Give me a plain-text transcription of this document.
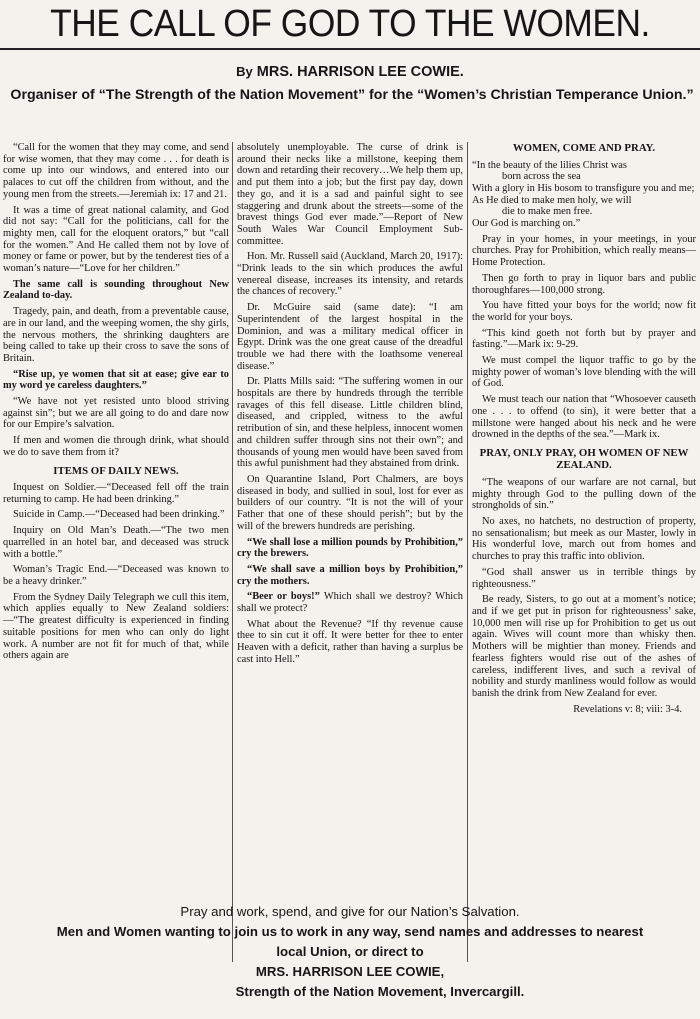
THE CALL OF GOD TO THE WOMEN.
By MRS. HARRISON LEE COWIE.
Organiser of “The Strength of the Nation Movement” for the “Women’s Christian Temperance Union.”

“Call for the women that they may come, and send for wise women, that they may come . . . for death is come up into our windows, and entered into our palaces to cut off the children from without, and the young men from the streets.—Jeremiah ix: 17 and 21.

It was a time of great national calamity, and God did not say: “Call for the politicians, call for the mighty men, call for the eloquent orators,” but “call for the women.” And He called them not by love of money or fame or power, but by the tenderest ties of a woman’s nature—“Love for her children.”

The same call is sounding throughout New Zealand to-day.

Tragedy, pain, and death, from a preventable cause, are in our land, and the weeping women, the shy girls, the nervous mothers, the shrinking daughters are being called to take up their cross to save the sons of Britain.

“Rise up, ye women that sit at ease; give ear to my word ye careless daughters.”

“We have not yet resisted unto blood striving against sin”; but we are all going to do and dare now for our Empire’s salvation.

If men and women die through drink, what should we do to save them from it?

ITEMS OF DAILY NEWS.

Inquest on Soldier.—“Deceased fell off the train returning to camp. He had been drinking.”

Suicide in Camp.—“Deceased had been drinking.”

Inquiry on Old Man’s Death.—“The two men quarrelled in an hotel bar, and deceased was struck with a bottle.”

Woman’s Tragic End.—“Deceased was known to be a heavy drinker.”

From the Sydney Daily Telegraph we cull this item, which applies equally to New Zealand soldiers:—“The greatest difficulty is experienced in finding suitable positions for men who can only do light work. A number are not fit for much of that, while others again are

absolutely unemployable. The curse of drink is around their necks like a millstone, keeping them down and retarding their recovery…We help them up, and put them into a job; but the first pay day, down they go, and it is a sad and painful sight to see staggering and drunk about the streets—some of the bravest things God ever made.”—Report of New South Wales War Council Employment Sub-committee.

Hon. Mr. Russell said (Auckland, March 20, 1917): “Drink leads to the sin which produces the awful venereal disease, increases its intensity, and retards the chances of recovery.”

Dr. McGuire said (same date): “I am Superintendent of the largest hospital in the Dominion, and was a military medical officer in Egypt. Drink was the one great cause of the dreadful trouble we had there with the loathsome venereal disease.”

Dr. Platts Mills said: “The suffering women in our hospitals are there by hundreds through the terrible ravages of this fell disease. Little children blind, diseased, and crippled, witness to the awful retribution of sin, and these helpless, innocent women and children suffer through sins not their own”; and thousands of young men would have been saved from this awful punishment had they abstained from drink.

On Quarantine Island, Port Chalmers, are boys diseased in body, and sullied in soul, lost for ever as builders of our country. “It is not the will of your Father that one of these should perish”; but by the will of the brewers hundreds are perishing.

“We shall lose a million pounds by Prohibition,” cry the brewers.

“We shall save a million boys by Prohibition,” cry the mothers.

“Beer or boys!” Which shall we destroy? Which shall we protect?

What about the Revenue? “If thy revenue cause thee to sin cut it off. It were better for thee to enter Heaven with a deficit, rather than having a surplus be cast into Hell.”

WOMEN, COME AND PRAY.
“In the beauty of the lilies Christ was
born across the sea
With a glory in His bosom to transfigure you and me;
As He died to make men holy, we will
die to make men free.
Our God is marching on.”

Pray in your homes, in your meetings, in your churches. Pray for Prohibition, which really means—Home Protection.

Then go forth to pray in liquor bars and public thoroughfares—100,000 strong.

You have fitted your boys for the world; now fit the world for your boys.

“This kind goeth not forth but by prayer and fasting.”—Mark ix: 9-29.

We must compel the liquor traffic to go by the mighty power of woman’s love blending with the will of God.

We must teach our nation that “Whosoever causeth one . . . to offend (to sin), it were better that a millstone were hanged about his neck and he were drowned in the depths of the sea.”—Mark ix.

PRAY, ONLY PRAY, OH WOMEN OF NEW ZEALAND.

“The weapons of our warfare are not carnal, but mighty through God to the pulling down of the strongholds of sin.”

No axes, no hatchets, no destruction of property, no sensationalism; but meek as our Master, lowly in His wonderful love, march out from homes and churches to pray this traffic into oblivion.

“God shall answer us in terrible things by righteousness.”

Be ready, Sisters, to go out at a moment’s notice; and if we get put in prison for righteousness’ sake, 10,000 men will rise up for Prohibition to get us out again. Wives will count more than whisky then. Mothers will be mightier than money. Friends and fearless fighters would rise out of the ashes of careless, indifferent lives, and such a revival of nobility and sturdy manliness would follow as would banish the drink from New Zealand for ever.

Revelations v: 8; viii: 3-4.

Pray and work, spend, and give for our Nation’s Salvation.
Men and Women wanting to join us to work in any way, send names and addresses to nearest local Union, or direct to
MRS. HARRISON LEE COWIE,
Strength of the Nation Movement, Invercargill.
